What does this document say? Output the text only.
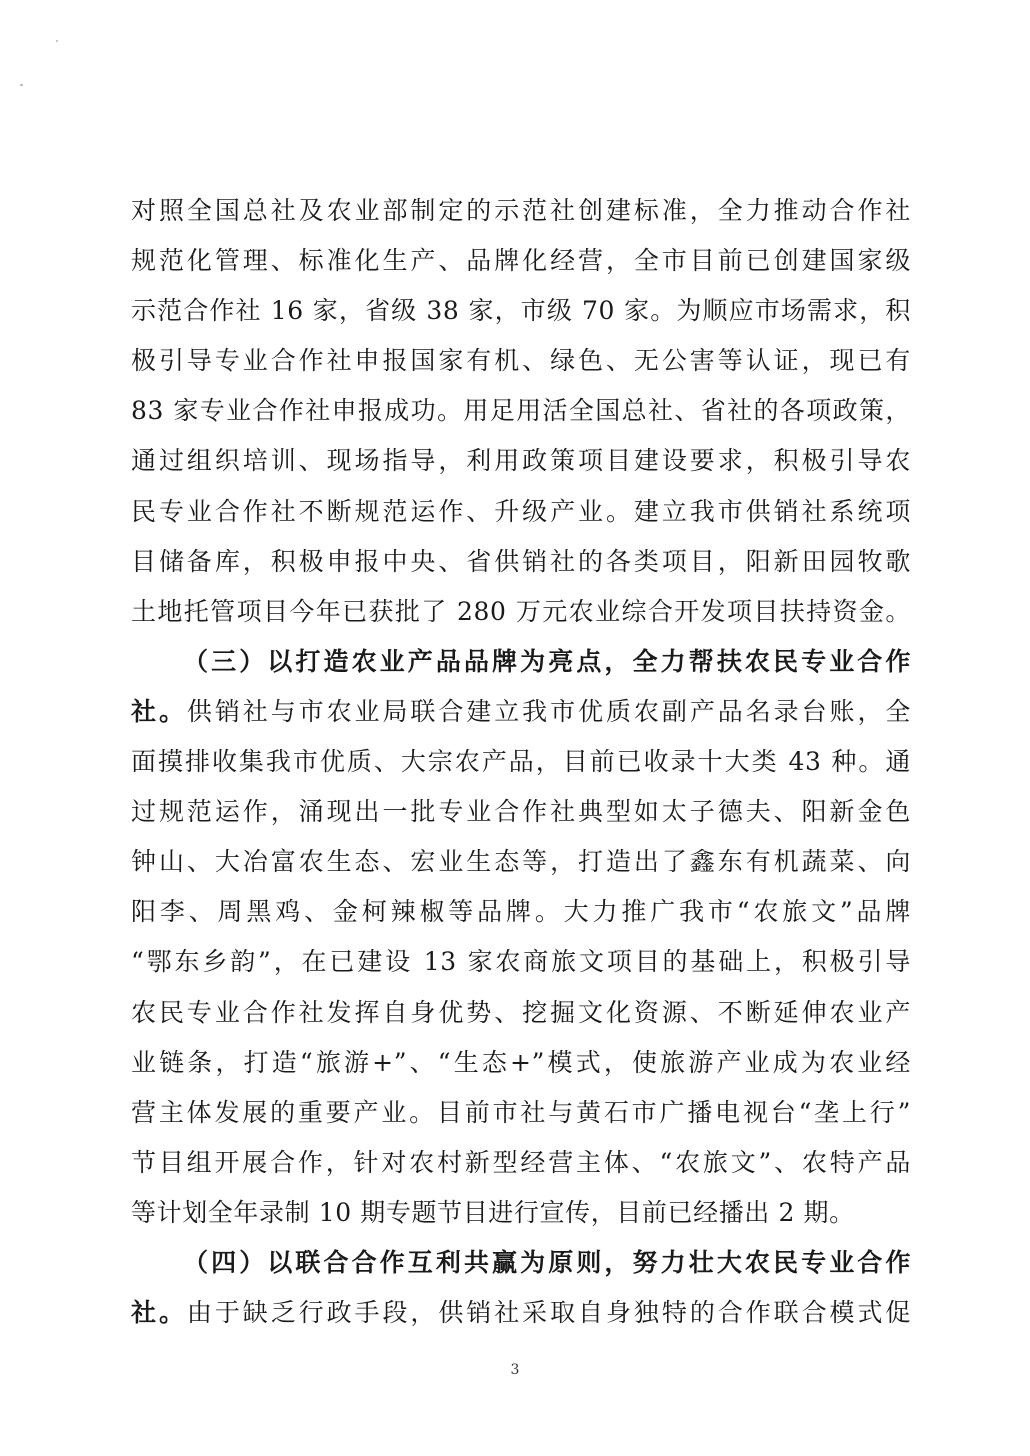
对照全国总社及农业部制定的示范社创建标准，全力推动合作社
规范化管理、标准化生产、品牌化经营，全市目前已创建国家级
示范合作社 16 家，省级 38 家，市级 70 家。为顺应市场需求，积
极引导专业合作社申报国家有机、绿色、无公害等认证，现已有
83 家专业合作社申报成功。用足用活全国总社、省社的各项政策，
通过组织培训、现场指导，利用政策项目建设要求，积极引导农
民专业合作社不断规范运作、升级产业。建立我市供销社系统项
目储备库，积极申报中央、省供销社的各类项目，阳新田园牧歌
土地托管项目今年已获批了 280 万元农业综合开发项目扶持资金。
（三）以打造农业产品品牌为亮点，全力帮扶农民专业合作
社。供销社与市农业局联合建立我市优质农副产品名录台账，全
面摸排收集我市优质、大宗农产品，目前已收录十大类 43 种。通
过规范运作，涌现出一批专业合作社典型如太子德夫、阳新金色
钟山、大冶富农生态、宏业生态等，打造出了鑫东有机蔬菜、向
阳李、周黑鸡、金柯辣椒等品牌。大力推广我市“农旅文”品牌
“鄂东乡韵”，在已建设 13 家农商旅文项目的基础上，积极引导
农民专业合作社发挥自身优势、挖掘文化资源、不断延伸农业产
业链条，打造“旅游+”、“生态+”模式，使旅游产业成为农业经
营主体发展的重要产业。目前市社与黄石市广播电视台“垄上行”
节目组开展合作，针对农村新型经营主体、“农旅文”、农特产品
等计划全年录制 10 期专题节目进行宣传，目前已经播出 2 期。
（四）以联合合作互利共赢为原则，努力壮大农民专业合作
社。由于缺乏行政手段，供销社采取自身独特的合作联合模式促
3
